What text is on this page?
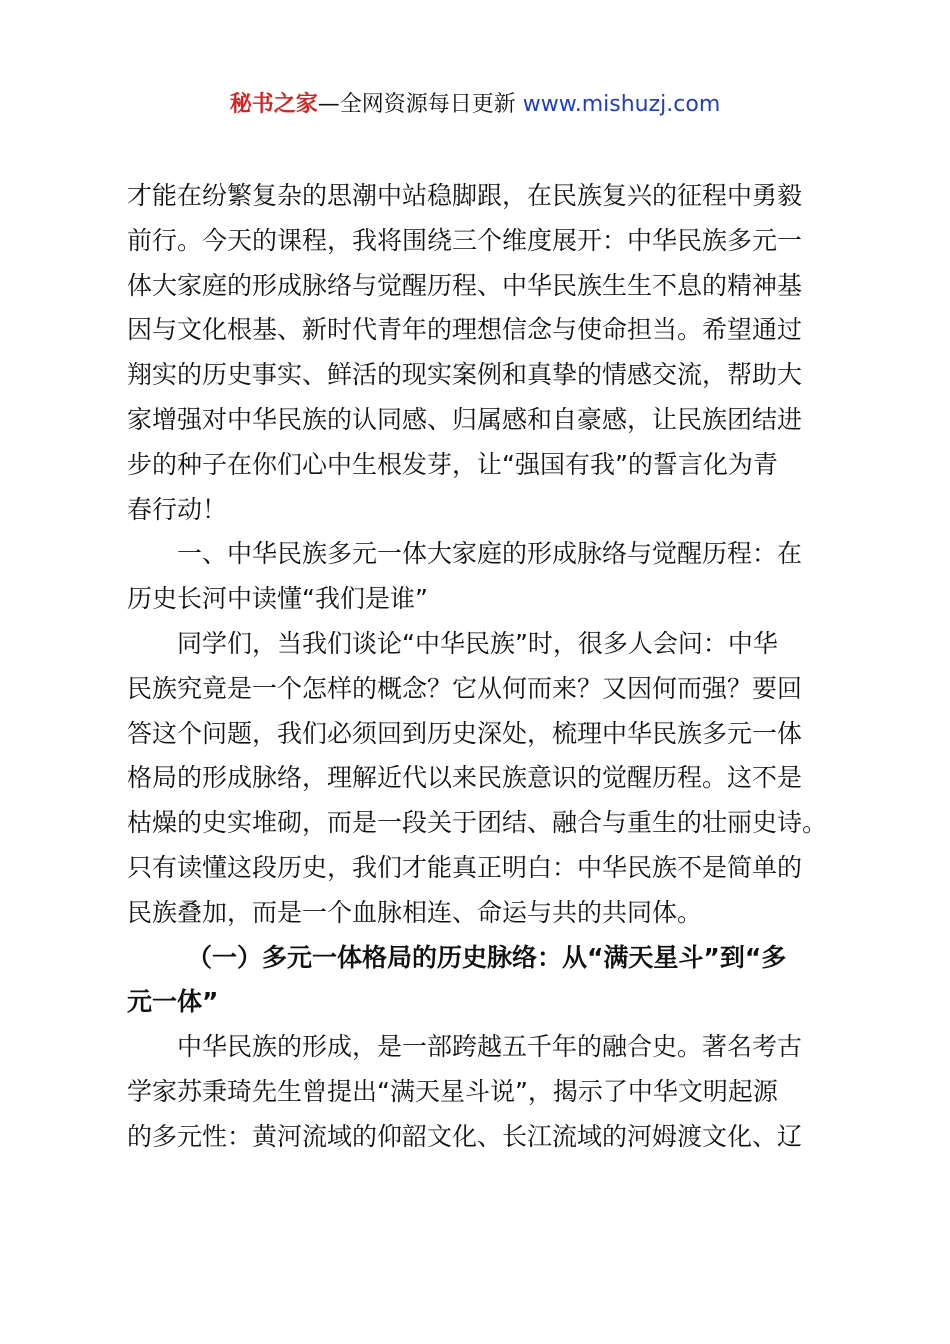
秘书之家—全网资源每日更新 www.mishuzj.com
才能在纷繁复杂的思潮中站稳脚跟，在民族复兴的征程中勇毅
前行。今天的课程，我将围绕三个维度展开：中华民族多元一
体大家庭的形成脉络与觉醒历程、中华民族生生不息的精神基
因与文化根基、新时代青年的理想信念与使命担当。希望通过
翔实的历史事实、鲜活的现实案例和真挚的情感交流，帮助大
家增强对中华民族的认同感、归属感和自豪感，让民族团结进
步的种子在你们心中生根发芽，让“强国有我”的誓言化为青
春行动！
一、中华民族多元一体大家庭的形成脉络与觉醒历程：在
历史长河中读懂“我们是谁”
同学们，当我们谈论“中华民族”时，很多人会问：中华
民族究竟是一个怎样的概念？它从何而来？又因何而强？要回
答这个问题，我们必须回到历史深处，梳理中华民族多元一体
格局的形成脉络，理解近代以来民族意识的觉醒历程。这不是
枯燥的史实堆砌，而是一段关于团结、融合与重生的壮丽史诗。
只有读懂这段历史，我们才能真正明白：中华民族不是简单的
民族叠加，而是一个血脉相连、命运与共的共同体。
（一）多元一体格局的历史脉络：从“满天星斗”到“多
元一体”
中华民族的形成，是一部跨越五千年的融合史。著名考古
学家苏秉琦先生曾提出“满天星斗说”，揭示了中华文明起源
的多元性：黄河流域的仰韶文化、长江流域的河姆渡文化、辽
